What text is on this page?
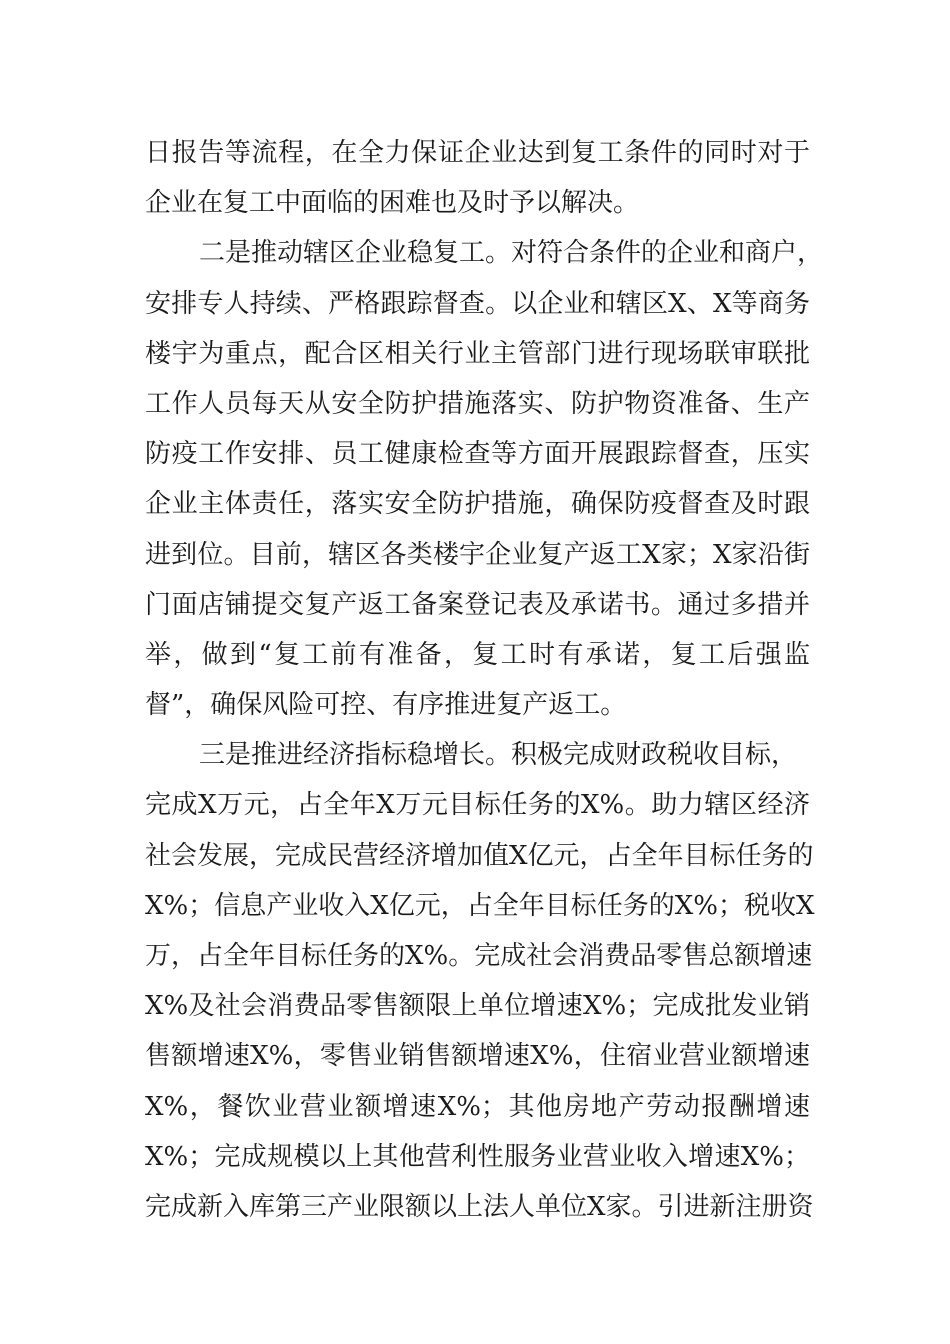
日报告等流程，在全力保证企业达到复工条件的同时对于
企业在复工中面临的困难也及时予以解决。
二是推动辖区企业稳复工。对符合条件的企业和商户，
安排专人持续、严格跟踪督查。以企业和辖区X、X等商务
楼宇为重点，配合区相关行业主管部门进行现场联审联批
工作人员每天从安全防护措施落实、防护物资准备、生产
防疫工作安排、员工健康检查等方面开展跟踪督查，压实
企业主体责任，落实安全防护措施，确保防疫督查及时跟
进到位。目前，辖区各类楼宇企业复产返工X家；X家沿街
门面店铺提交复产返工备案登记表及承诺书。通过多措并
举，做到“复工前有准备，复工时有承诺，复工后强监
督”，确保风险可控、有序推进复产返工。
三是推进经济指标稳增长。积极完成财政税收目标，
完成X万元，占全年X万元目标任务的X%。助力辖区经济
社会发展，完成民营经济增加值X亿元，占全年目标任务的
X%；信息产业收入X亿元，占全年目标任务的X%；税收X
万，占全年目标任务的X%。完成社会消费品零售总额增速
X%及社会消费品零售额限上单位增速X%；完成批发业销
售额增速X%，零售业销售额增速X%，住宿业营业额增速
X%，餐饮业营业额增速X%；其他房地产劳动报酬增速
X%；完成规模以上其他营利性服务业营业收入增速X%；
完成新入库第三产业限额以上法人单位X家。引进新注册资
